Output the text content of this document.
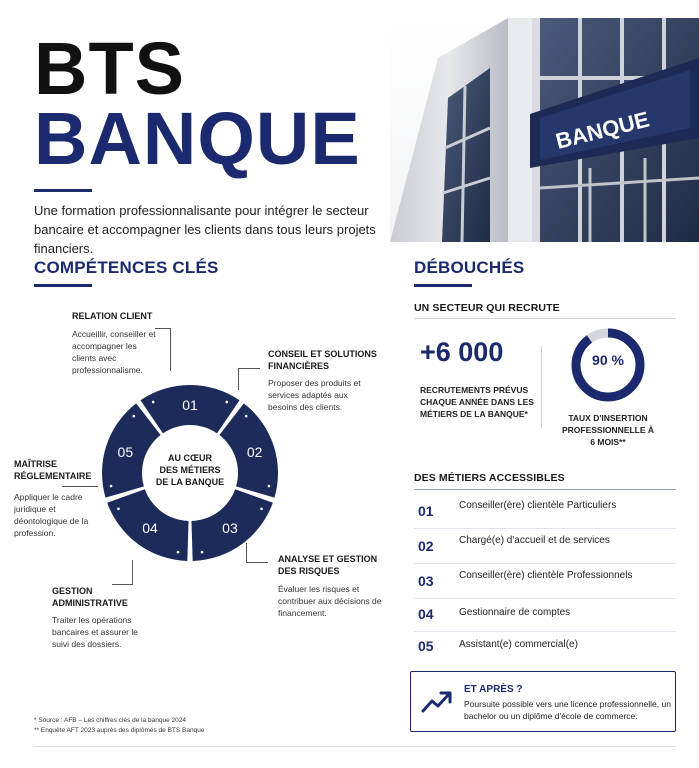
BTS
BANQUE
Une formation professionnalisante pour intégrer le secteur bancaire et accompagner les clients dans tous leurs projets financiers.
BANQUE
COMPÉTENCES CLÉS
01
02
03
04
05	AU CŒUR
DES MÉTIERS
DE LA BANQUE
RELATION CLIENT
Accueillir, conseiller et accompagner les clients avec professionnalisme.
CONSEIL ET SOLUTIONS FINANCIÈRES
Proposer des produits et services adaptés aux besoins des clients.
ANALYSE ET GESTION DES RISQUES
Évaluer les risques et contribuer aux décisions de financement.
GESTION ADMINISTRATIVE
Traiter les opérations bancaires et assurer le suivi des dossiers.
MAÎTRISE RÉGLEMENTAIRE
Appliquer le cadre juridique et déontologique de la profession.
DÉBOUCHÉS
UN SECTEUR QUI RECRUTE
+6 000
RECRUTEMENTS PRÉVUS CHAQUE ANNÉE DANS LES MÉTIERS DE LA BANQUE*
90 %
TAUX D'INSERTION PROFESSIONNELLE À 6 MOIS**
DES MÉTIERS ACCESSIBLES
01	Conseiller(ère) clientèle Particuliers
02	Chargé(e) d'accueil et de services
03	Conseiller(ère) clientèle Professionnels
04	Gestionnaire de comptes
05	Assistant(e) commercial(e)
ET APRÈS ?
Poursuite possible vers une licence professionnelle, un bachelor ou un diplôme d'école de commerce.
* Source : AFB – Les chiffres clés de la banque 2024
** Enquête AFT 2023 auprès des diplômés de BTS Banque
